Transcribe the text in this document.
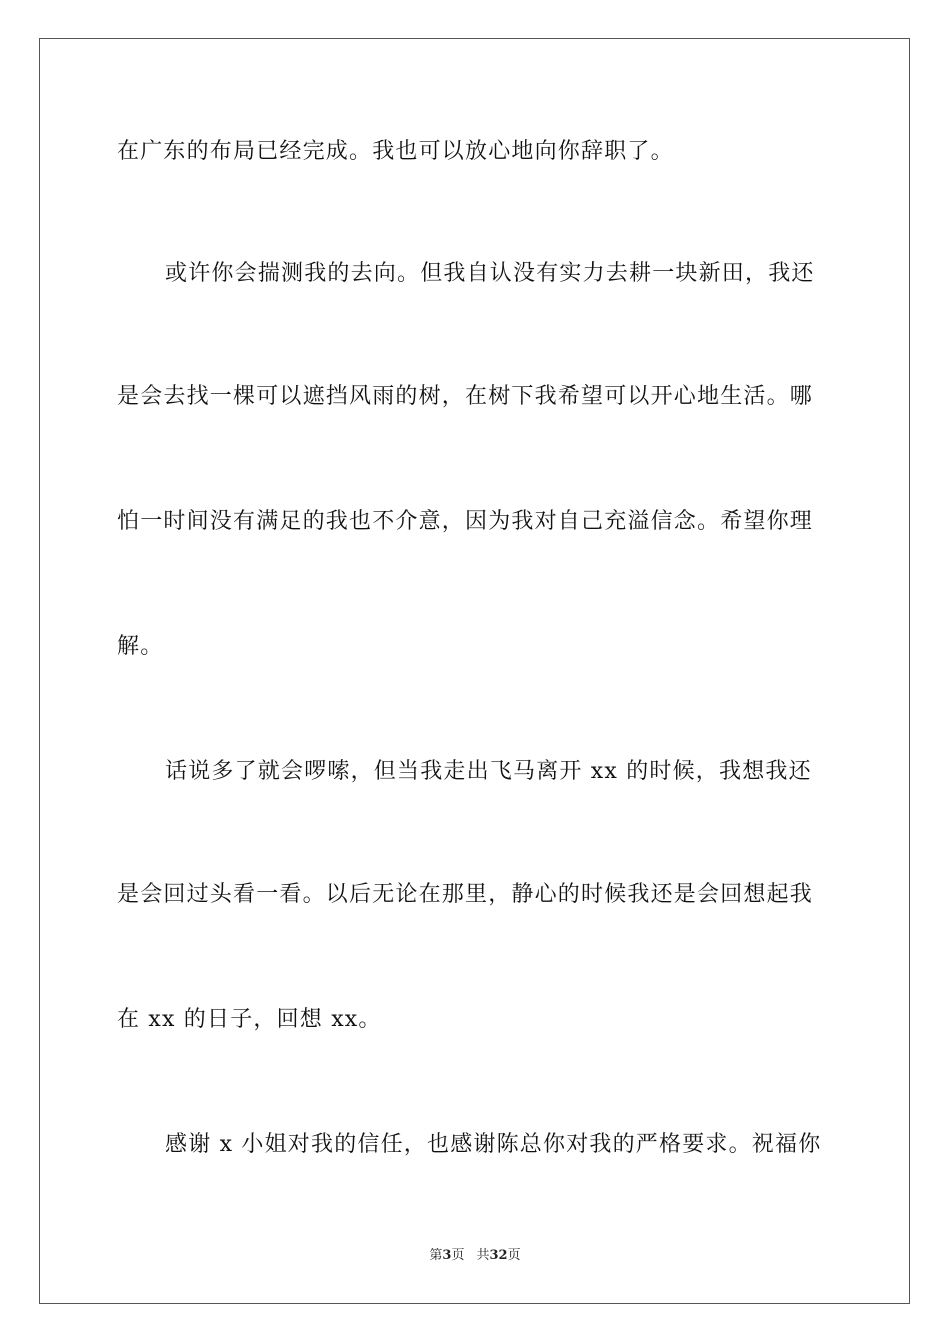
在广东的布局已经完成。我也可以放心地向你辞职了。
或许你会揣测我的去向。但我自认没有实力去耕一块新田，我还
是会去找一棵可以遮挡风雨的树，在树下我希望可以开心地生活。哪
怕一时间没有满足的我也不介意，因为我对自己充溢信念。希望你理
解。
话说多了就会啰嗦，但当我走出飞马离开 xx 的时候，我想我还
是会回过头看一看。以后无论在那里，静心的时候我还是会回想起我
在 xx 的日子，回想 xx。
感谢 x 小姐对我的信任，也感谢陈总你对我的严格要求。祝福你
第3页 共32页
